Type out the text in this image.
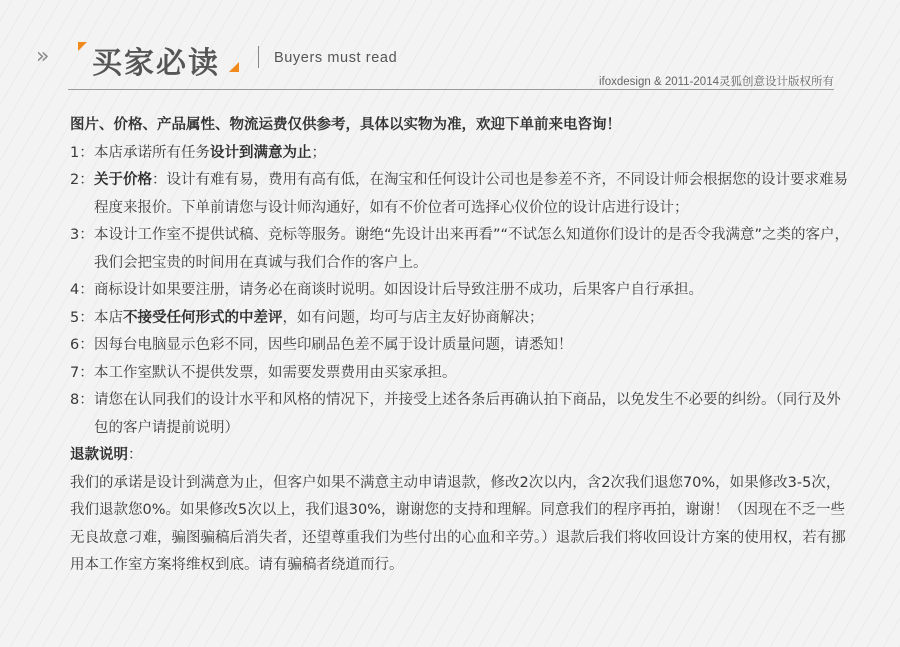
» 买家必读	Buyers must read
ifoxdesign & 2011-2014灵狐创意设计版权所有

图片、价格、产品属性、物流运费仅供参考，具体以实物为准，欢迎下单前来电咨询！

1： 本店承诺所有任务设计到满意为止；
2： 关于价格：设计有难有易，费用有高有低，在淘宝和任何设计公司也是参差不齐，不同设计师会根据您的设计要求难易程度来报价。下单前请您与设计师沟通好，如有不价位者可选择心仪价位的设计店进行设计；
3： 本设计工作室不提供试稿、竞标等服务。谢绝“先设计出来再看”“不试怎么知道你们设计的是否令我满意”之类的客户，我们会把宝贵的时间用在真诚与我们合作的客户上。
4： 商标设计如果要注册，请务必在商谈时说明。如因设计后导致注册不成功，后果客户自行承担。
5： 本店不接受任何形式的中差评，如有问题，均可与店主友好协商解决；
6： 因每台电脑显示色彩不同，因些印刷品色差不属于设计质量问题，请悉知！
7： 本工作室默认不提供发票，如需要发票费用由买家承担。
8： 请您在认同我们的设计水平和风格的情况下，并接受上述各条后再确认拍下商品，以免发生不必要的纠纷。（同行及外包的客户请提前说明）

退款说明：

我们的承诺是设计到满意为止，但客户如果不满意主动申请退款，修改2次以内，含2次我们退您70%，如果修改3-5次，我们退款您0%。如果修改5次以上，我们退30%，谢谢您的支持和理解。同意我们的程序再拍，谢谢！（因现在不乏一些无良故意刁难，骗图骗稿后消失者，还望尊重我们为些付出的心血和辛劳。）退款后我们将收回设计方案的使用权，若有挪用本工作室方案将维权到底。请有骗稿者绕道而行。
